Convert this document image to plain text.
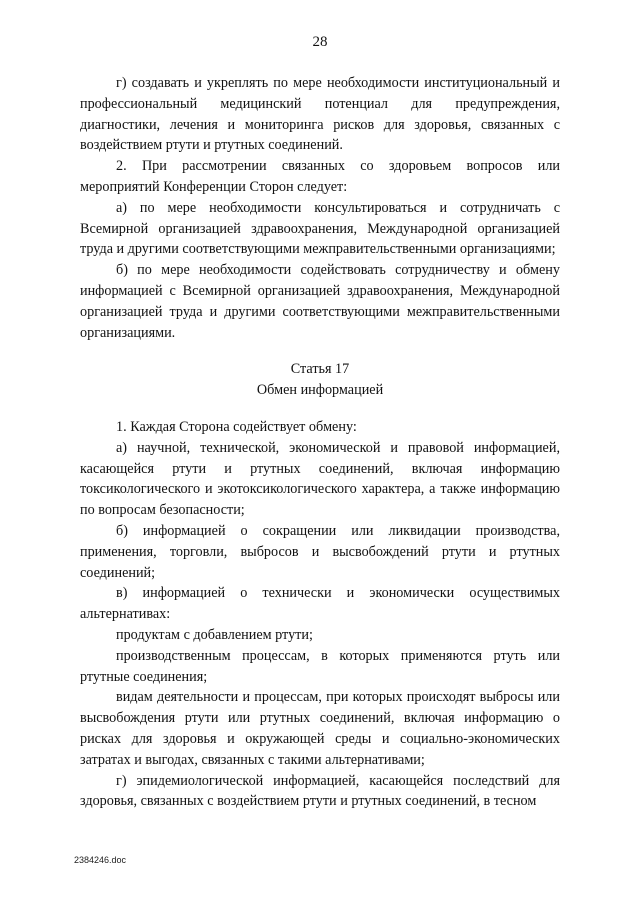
28

г) создавать и укреплять по мере необходимости институциональный и профессиональный медицинский потенциал для предупреждения, диагностики, лечения и мониторинга рисков для здоровья, связанных с воздействием ртути и ртутных соединений.

2. При рассмотрении связанных со здоровьем вопросов или мероприятий Конференции Сторон следует:

а) по мере необходимости консультироваться и сотрудничать с Всемирной организацией здравоохранения, Международной организацией труда и другими соответствующими межправительственными организациями;

б) по мере необходимости содействовать сотрудничеству и обмену информацией с Всемирной организацией здравоохранения, Международной организацией труда и другими соответствующими межправительственными организациями.

Статья 17

Обмен информацией

1. Каждая Сторона содействует обмену:

а) научной, технической, экономической и правовой информацией, касающейся ртути и ртутных соединений, включая информацию токсикологического и экотоксикологического характера, а также информацию по вопросам безопасности;

б) информацией о сокращении или ликвидации производства, применения, торговли, выбросов и высвобождений ртути и ртутных соединений;

в) информацией о технически и экономически осуществимых альтернативах:

продуктам с добавлением ртути;

производственным процессам, в которых применяются ртуть или ртутные соединения;

видам деятельности и процессам, при которых происходят выбросы или высвобождения ртути или ртутных соединений, включая информацию о рисках для здоровья и окружающей среды и социально-экономических затратах и выгодах, связанных с такими альтернативами;

г) эпидемиологической информацией, касающейся последствий для здоровья, связанных с воздействием ртути и ртутных соединений, в тесном

2384246.doc
